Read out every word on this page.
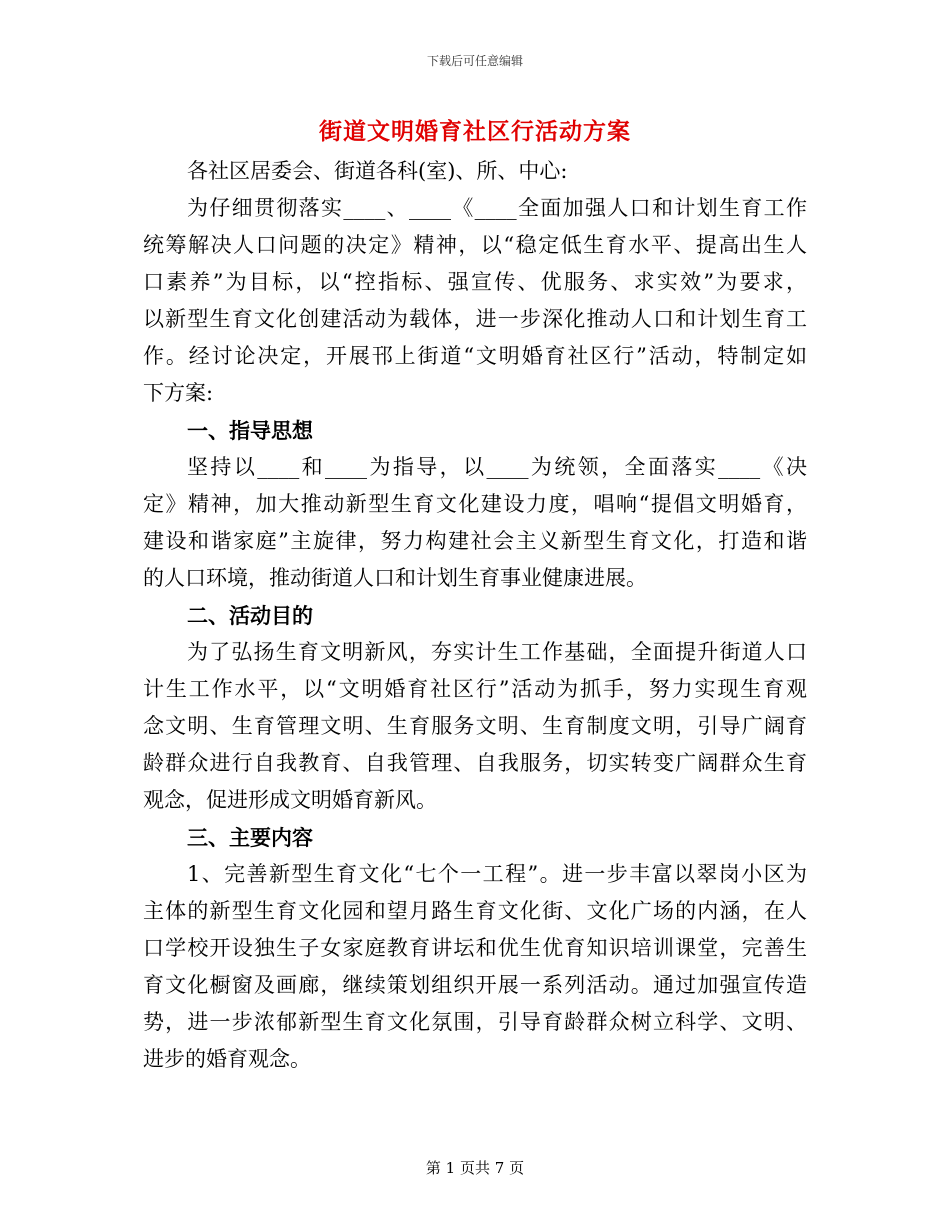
下载后可任意编辑

街道文明婚育社区行活动方案
各社区居委会、街道各科(室)、所、中心:
为仔细贯彻落实____、____《____全面加强人口和计划生育工作
统筹解决人口问题的决定》精神，以“稳定低生育水平、提高出生人
口素养”为目标，以“控指标、强宣传、优服务、求实效”为要求，
以新型生育文化创建活动为载体，进一步深化推动人口和计划生育工
作。经讨论决定，开展邗上街道“文明婚育社区行”活动，特制定如
下方案:
一、指导思想
坚持以____和____为指导，以____为统领，全面落实____《决
定》精神，加大推动新型生育文化建设力度，唱响“提倡文明婚育，
建设和谐家庭”主旋律，努力构建社会主义新型生育文化，打造和谐
的人口环境，推动街道人口和计划生育事业健康进展。
二、活动目的
为了弘扬生育文明新风，夯实计生工作基础，全面提升街道人口
计生工作水平，以“文明婚育社区行”活动为抓手，努力实现生育观
念文明、生育管理文明、生育服务文明、生育制度文明，引导广阔育
龄群众进行自我教育、自我管理、自我服务，切实转变广阔群众生育
观念，促进形成文明婚育新风。
三、主要内容
1、完善新型生育文化“七个一工程”。进一步丰富以翠岗小区为
主体的新型生育文化园和望月路生育文化街、文化广场的内涵，在人
口学校开设独生子女家庭教育讲坛和优生优育知识培训课堂，完善生
育文化橱窗及画廊，继续策划组织开展一系列活动。通过加强宣传造
势，进一步浓郁新型生育文化氛围，引导育龄群众树立科学、文明、
进步的婚育观念。

第 1 页共 7 页
